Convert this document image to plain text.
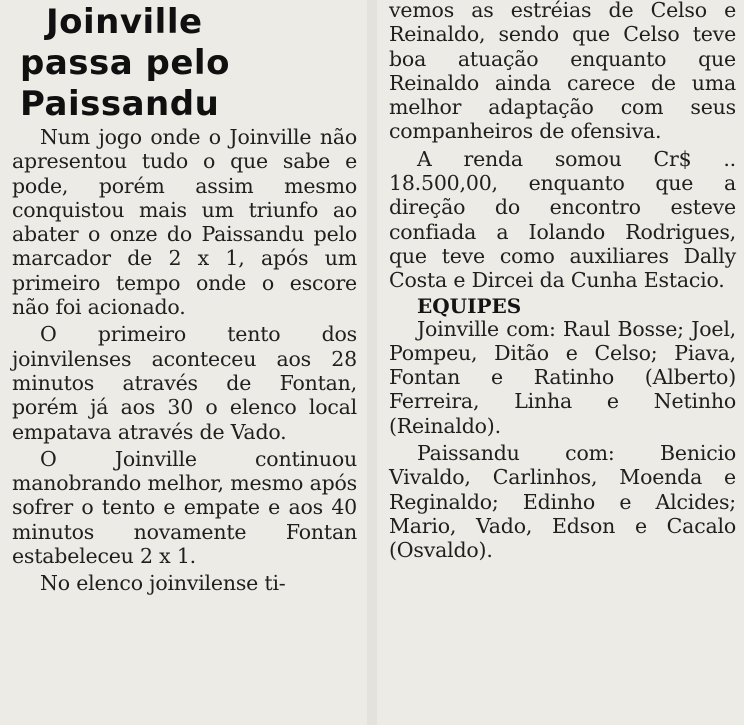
Joinville
passa pelo
Paissandu

Num jogo onde o Joinville não apresentou tudo o que sabe e pode, porém assim mesmo conquistou mais um triunfo ao abater o onze do Paissandu pelo marcador de 2 x 1, após um primeiro tempo onde o escore não foi acionado.

O primeiro tento dos joinvilenses aconteceu aos 28 minutos através de Fontan, porém já aos 30 o elenco local empatava através de Vado.

O Joinville continuou manobrando melhor, mesmo após sofrer o tento e empate e aos 40 minutos novamente Fontan estabeleceu 2 x 1.

No elenco joinvilense ti-

vemos as estréias de Celso e Reinaldo, sendo que Celso teve boa atuação enquanto que Reinaldo ainda carece de uma melhor adaptação com seus companheiros de ofensiva.

A renda somou Cr$ .. 18.500,00, enquanto que a direção do encontro esteve confiada a Iolando Rodrigues, que teve como auxiliares Dally Costa e Dircei da Cunha Estacio.

EQUIPES

Joinville com: Raul Bosse; Joel, Pompeu, Ditão e Celso; Piava, Fontan e Ratinho (Alberto) Ferreira, Linha e Netinho (Reinaldo).

Paissandu com: Benicio Vivaldo, Carlinhos, Moenda e Reginaldo; Edinho e Alcides; Mario, Vado, Edson e Cacalo (Osvaldo).
